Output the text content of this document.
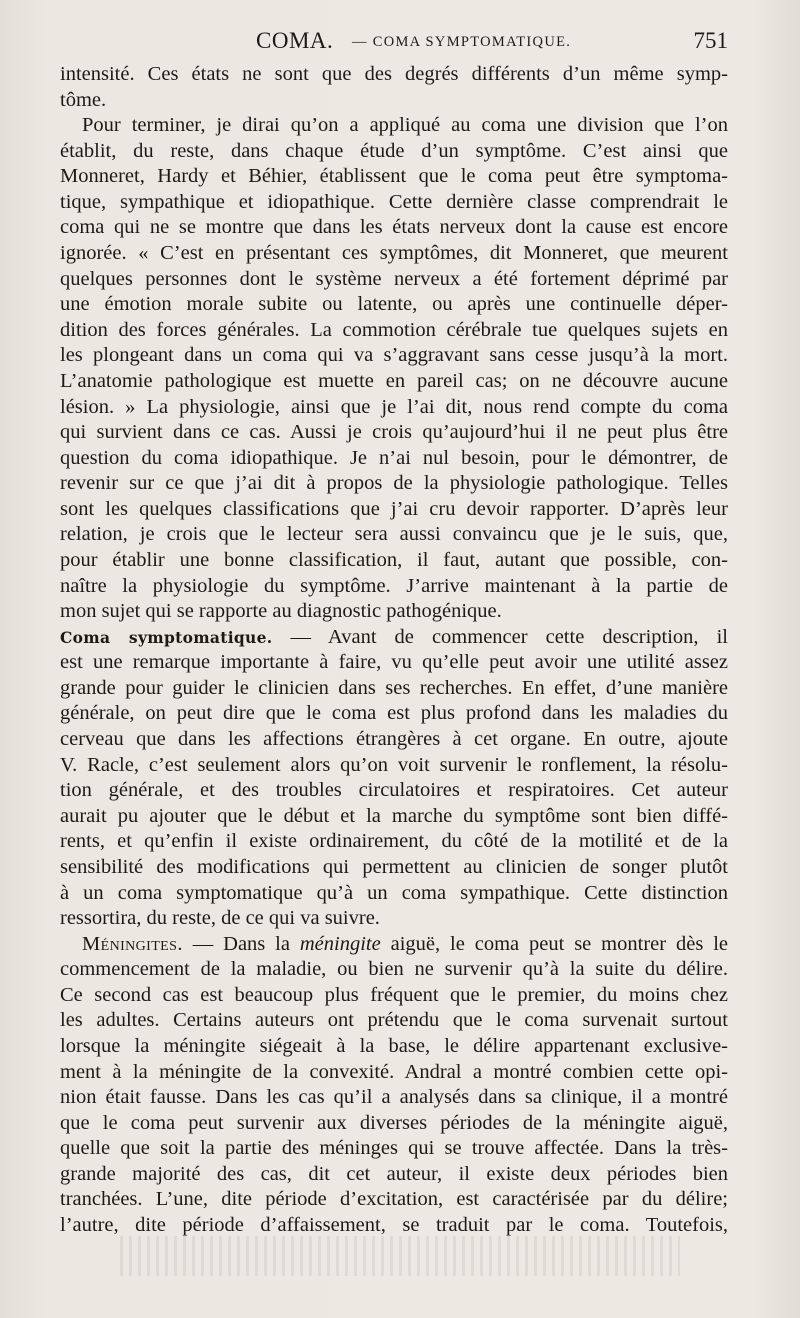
COMA. — COMA SYMPTOMATIQUE.	751
intensité. Ces états ne sont que des degrés différents d’un même symp-
tôme.
Pour terminer, je dirai qu’on a appliqué au coma une division que l’on
établit, du reste, dans chaque étude d’un symptôme. C’est ainsi que
Monneret, Hardy et Béhier, établissent que le coma peut être symptoma-
tique, sympathique et idiopathique. Cette dernière classe comprendrait le
coma qui ne se montre que dans les états nerveux dont la cause est encore
ignorée. « C’est en présentant ces symptômes, dit Monneret, que meurent
quelques personnes dont le système nerveux a été fortement déprimé par
une émotion morale subite ou latente, ou après une continuelle déper-
dition des forces générales. La commotion cérébrale tue quelques sujets en
les plongeant dans un coma qui va s’aggravant sans cesse jusqu’à la mort.
L’anatomie pathologique est muette en pareil cas; on ne découvre aucune
lésion. » La physiologie, ainsi que je l’ai dit, nous rend compte du coma
qui survient dans ce cas. Aussi je crois qu’aujourd’hui il ne peut plus être
question du coma idiopathique. Je n’ai nul besoin, pour le démontrer, de
revenir sur ce que j’ai dit à propos de la physiologie pathologique. Telles
sont les quelques classifications que j’ai cru devoir rapporter. D’après leur
relation, je crois que le lecteur sera aussi convaincu que je le suis, que,
pour établir une bonne classification, il faut, autant que possible, con-
naître la physiologie du symptôme. J’arrive maintenant à la partie de
mon sujet qui se rapporte au diagnostic pathogénique.
Coma symptomatique. — Avant de commencer cette description, il
est une remarque importante à faire, vu qu’elle peut avoir une utilité assez
grande pour guider le clinicien dans ses recherches. En effet, d’une manière
générale, on peut dire que le coma est plus profond dans les maladies du
cerveau que dans les affections étrangères à cet organe. En outre, ajoute
V. Racle, c’est seulement alors qu’on voit survenir le ronflement, la résolu-
tion générale, et des troubles circulatoires et respiratoires. Cet auteur
aurait pu ajouter que le début et la marche du symptôme sont bien diffé-
rents, et qu’enfin il existe ordinairement, du côté de la motilité et de la
sensibilité des modifications qui permettent au clinicien de songer plutôt
à un coma symptomatique qu’à un coma sympathique. Cette distinction
ressortira, du reste, de ce qui va suivre.
Méningites. — Dans la méningite aiguë, le coma peut se montrer dès le
commencement de la maladie, ou bien ne survenir qu’à la suite du délire.
Ce second cas est beaucoup plus fréquent que le premier, du moins chez
les adultes. Certains auteurs ont prétendu que le coma survenait surtout
lorsque la méningite siégeait à la base, le délire appartenant exclusive-
ment à la méningite de la convexité. Andral a montré combien cette opi-
nion était fausse. Dans les cas qu’il a analysés dans sa clinique, il a montré
que le coma peut survenir aux diverses périodes de la méningite aiguë,
quelle que soit la partie des méninges qui se trouve affectée. Dans la très-
grande majorité des cas, dit cet auteur, il existe deux périodes bien
tranchées. L’une, dite période d’excitation, est caractérisée par du délire;
l’autre, dite période d’affaissement, se traduit par le coma. Toutefois,
